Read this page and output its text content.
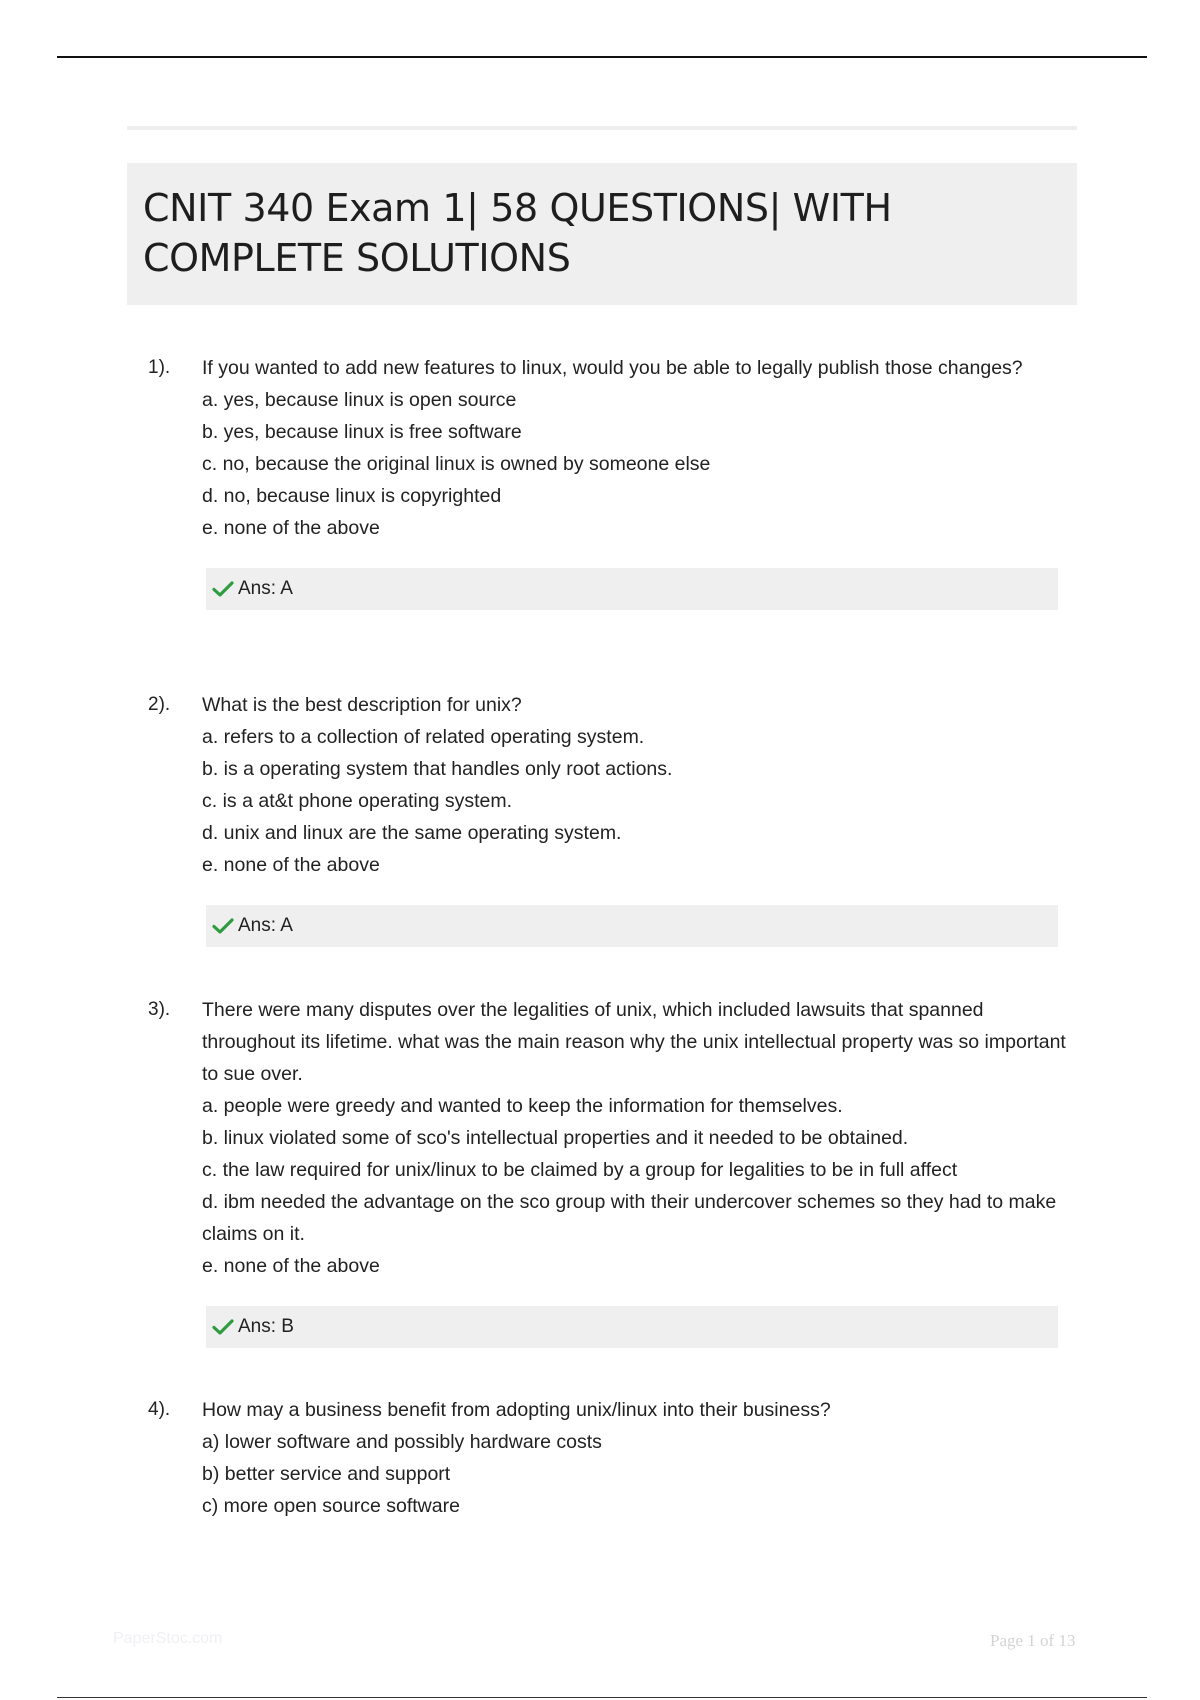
CNIT 340 Exam 1| 58 QUESTIONS| WITH COMPLETE SOLUTIONS
1). If you wanted to add new features to linux, would you be able to legally publish those changes?

a. yes, because linux is open source

b. yes, because linux is free software

c. no, because the original linux is owned by someone else

d. no, because linux is copyrighted

e. none of the above

Ans: A
2). What is the best description for unix?

a. refers to a collection of related operating system.

b. is a operating system that handles only root actions.

c. is a at&t phone operating system.

d. unix and linux are the same operating system.

e. none of the above

Ans: A
3). There were many disputes over the legalities of unix, which included lawsuits that spanned throughout its lifetime. what was the main reason why the unix intellectual property was so important to sue over.

a. people were greedy and wanted to keep the information for themselves.

b. linux violated some of sco's intellectual properties and it needed to be obtained.

c. the law required for unix/linux to be claimed by a group for legalities to be in full affect

d. ibm needed the advantage on the sco group with their undercover schemes so they had to make claims on it.

e. none of the above

Ans: B
4). How may a business benefit from adopting unix/linux into their business?

a) lower software and possibly hardware costs

b) better service and support

c) more open source software

PaperStoc.com	Page 1 of 13
